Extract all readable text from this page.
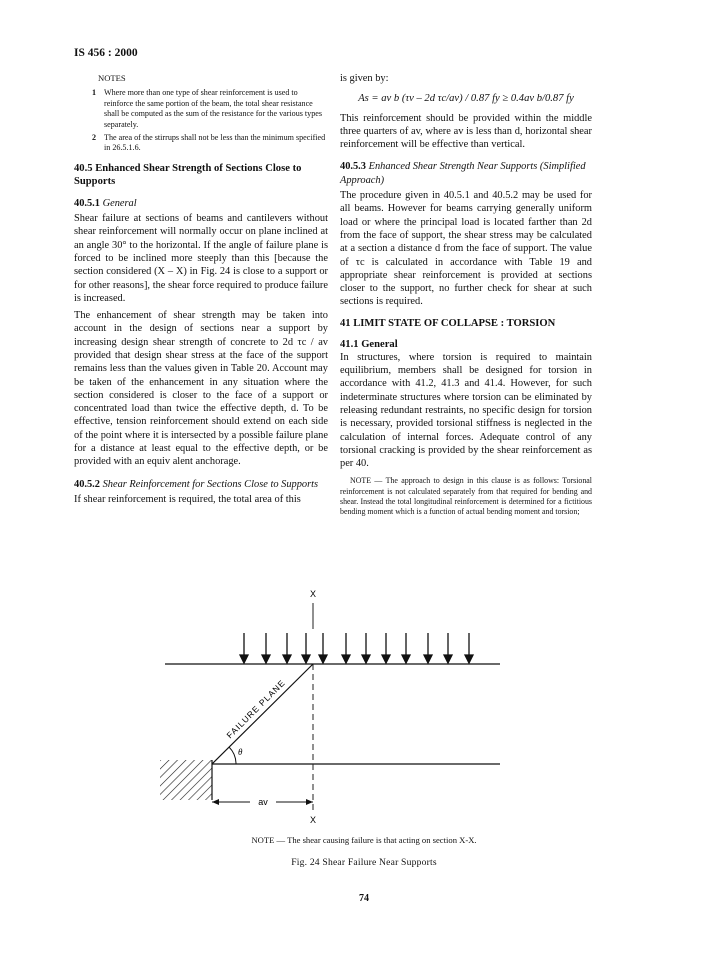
IS 456 : 2000
NOTES
1 Where more than one type of shear reinforcement is used to reinforce the same portion of the beam, the total shear resistance shall be computed as the sum of the resistance for the various types separately.
2 The area of the stirrups shall not be less than the minimum specified in 26.5.1.6.
40.5 Enhanced Shear Strength of Sections Close to Supports
40.5.1 General
Shear failure at sections of beams and cantilevers without shear reinforcement will normally occur on plane inclined at an angle 30° to the horizontal. If the angle of failure plane is forced to be inclined more steeply than this [because the section considered (X – X) in Fig. 24 is close to a support or for other reasons], the shear force required to produce failure is increased.
The enhancement of shear strength may be taken into account in the design of sections near a support by increasing design shear strength of concrete to 2d τc / av provided that design shear stress at the face of the support remains less than the values given in Table 20. Account may be taken of the enhancement in any situation where the section considered is closer to the face of a support or concentrated load than twice the effective depth, d. To be effective, tension reinforcement should extend on each side of the point where it is intersected by a possible failure plane for a distance at least equal to the effective depth, or be provided with an equiv alent anchorage.
40.5.2 Shear Reinforcement for Sections Close to Supports
If shear reinforcement is required, the total area of this
is given by:
As = av b (τv – 2d τc/av) / 0.87 fy ≥ 0.4av b/0.87 fy
This reinforcement should be provided within the middle three quarters of av, where av is less than d, horizontal shear reinforcement will be effective than vertical.
40.5.3 Enhanced Shear Strength Near Supports (Simplified Approach)
The procedure given in 40.5.1 and 40.5.2 may be used for all beams. However for beams carrying generally uniform load or where the principal load is located farther than 2d from the face of support, the shear stress may be calculated at a section a distance d from the face of support. The value of τc is calculated in accordance with Table 19 and appropriate shear reinforcement is provided at sections closer to the support, no further check for shear at such sections is required.
41 LIMIT STATE OF COLLAPSE : TORSION
41.1 General
In structures, where torsion is required to maintain equilibrium, members shall be designed for torsion in accordance with 41.2, 41.3 and 41.4. However, for such indeterminate structures where torsion can be eliminated by releasing redundant restraints, no specific design for torsion is necessary, provided torsional stiffness is neglected in the calculation of internal forces. Adequate control of any torsional cracking is provided by the shear reinforcement as per 40.
NOTE — The approach to design in this clause is as follows: Torsional reinforcement is not calculated separately from that required for bending and shear. Instead the total longitudinal reinforcement is determined for a fictitious bending moment which is a function of actual bending moment and torsion;
X
FAILURE PLANE
θ
av
X
NOTE — The shear causing failure is that acting on section X-X.
Fig. 24 Shear Failure Near Supports
74
